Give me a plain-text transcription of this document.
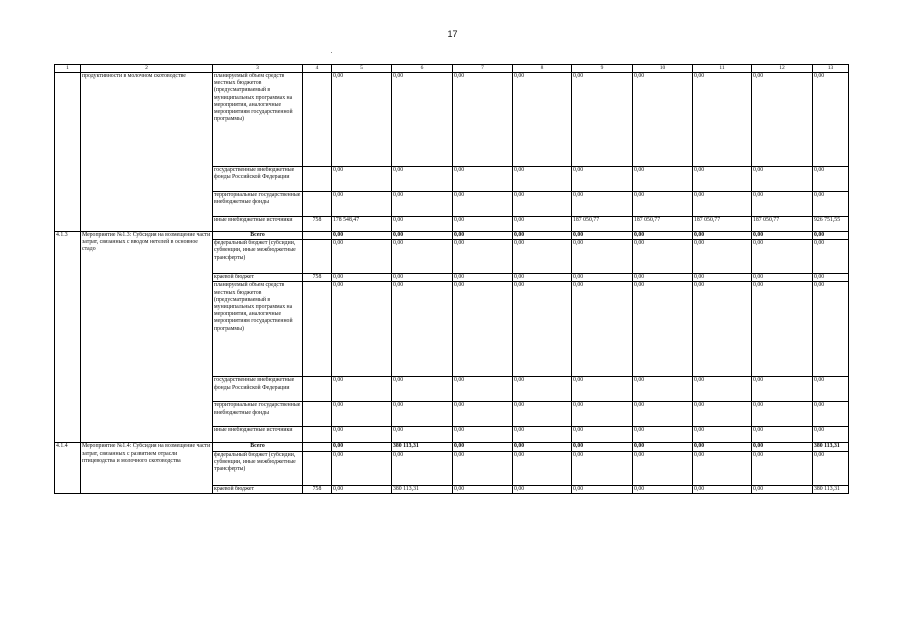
17
1	2	3	4	5	6	7	8	9	10	11	12	13
	продуктивности в молочном скотоводстве	планируемый объем средств местных бюджетов (предусматриваемый в муниципальных программах на мероприятия, аналогичные мероприятиям государственной программы)		0,00	0,00	0,00	0,00	0,00	0,00	0,00	0,00	0,00
		государственные внебюджетные фонды Российской Федерации		0,00	0,00	0,00	0,00	0,00	0,00	0,00	0,00	0,00
		территориальные государственные внебюджетные фонды		0,00	0,00	0,00	0,00	0,00	0,00	0,00	0,00	0,00
		иные внебюджетные источники	758	178 548,47	0,00	0,00	0,00	187 050,77	187 050,77	187 050,77	187 050,77	926 751,55
4.1.3	Мероприятие №1.3: Субсидия на возмещение части затрат, связанных с вводом нетелей в основное стадо	Всего		0,00	0,00	0,00	0,00	0,00	0,00	0,00	0,00	0,00
		федеральный бюджет (субсидии, субвенции, иные межбюджетные трансферты)		0,00	0,00	0,00	0,00	0,00	0,00	0,00	0,00	0,00
		краевой бюджет	758	0,00	0,00	0,00	0,00	0,00	0,00	0,00	0,00	0,00
		планируемый объем средств местных бюджетов (предусматриваемый в муниципальных программах на мероприятия, аналогичные мероприятиям государственной программы)		0,00	0,00	0,00	0,00	0,00	0,00	0,00	0,00	0,00
		государственные внебюджетные фонды Российской Федерации		0,00	0,00	0,00	0,00	0,00	0,00	0,00	0,00	0,00
		территориальные государственные внебюджетные фонды		0,00	0,00	0,00	0,00	0,00	0,00	0,00	0,00	0,00
		иные внебюджетные источники		0,00	0,00	0,00	0,00	0,00	0,00	0,00	0,00	0,00
4.1.4	Мероприятие №1.4: Субсидия на возмещение части затрат, связанных с развитием отрасли птицеводства и молочного скотоводства	Всего		0,00	380 113,31	0,00	0,00	0,00	0,00	0,00	0,00	380 113,31
		федеральный бюджет (субсидии, субвенции, иные межбюджетные трансферты)		0,00	0,00	0,00	0,00	0,00	0,00	0,00	0,00	0,00
		краевой бюджет	758	0,00	380 113,31	0,00	0,00	0,00	0,00	0,00	0,00	380 113,31
